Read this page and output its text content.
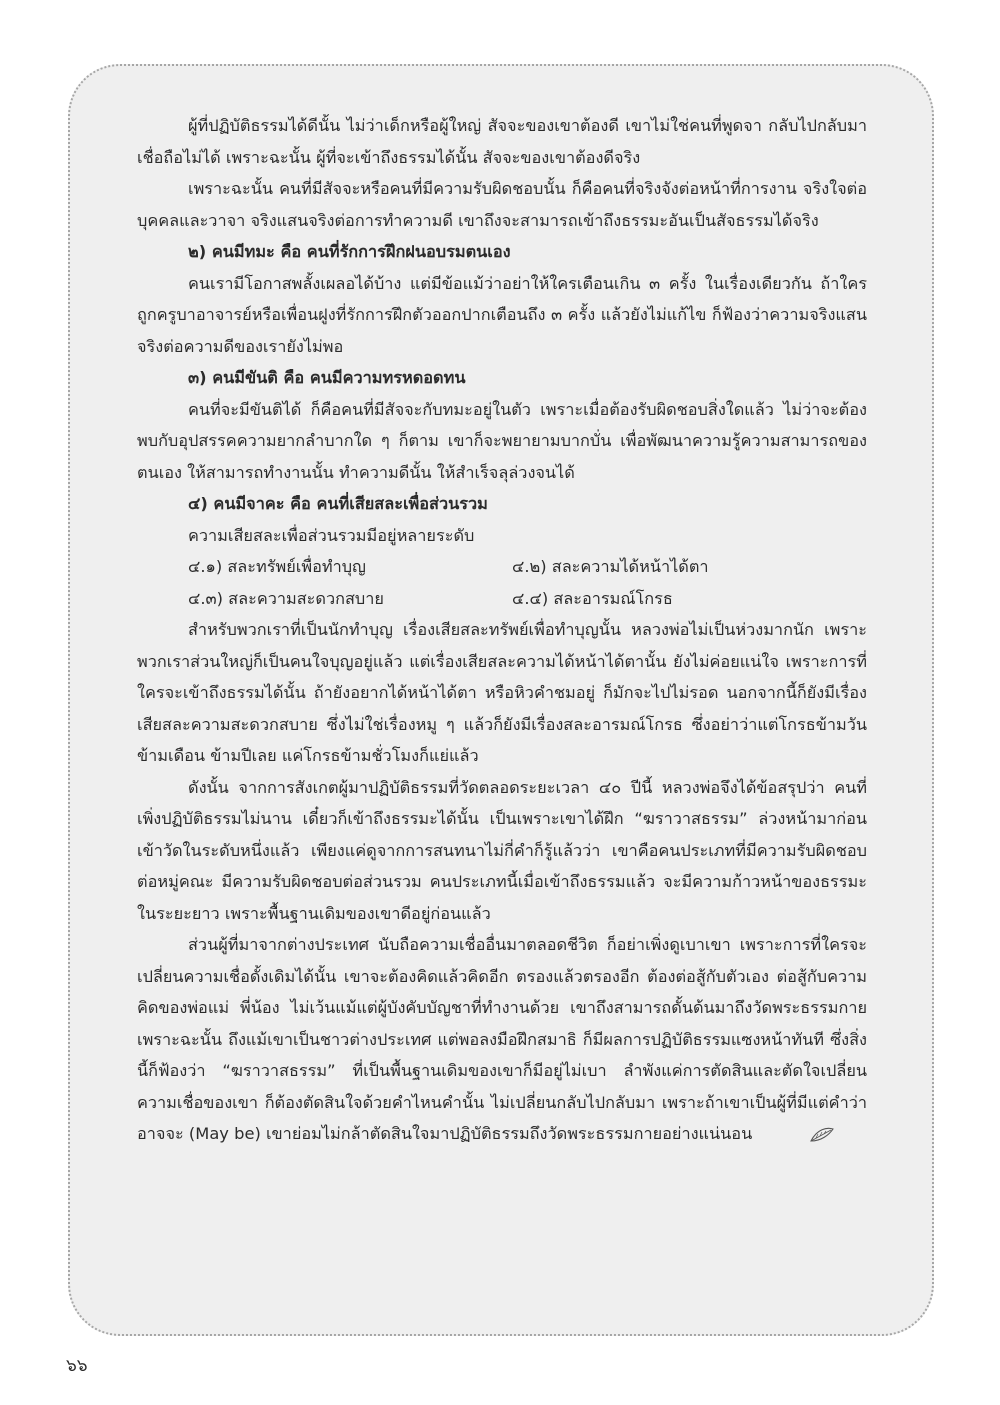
ผู้ที่ปฏิบัติธรรมได้ดีนั้น ไม่ว่าเด็กหรือผู้ใหญ่ สัจจะของเขาต้องดี เขาไม่ใช่คนที่พูดจา กลับไปกลับมาเชื่อถือไม่ได้ เพราะฉะนั้น ผู้ที่จะเข้าถึงธรรมได้นั้น สัจจะของเขาต้องดีจริง

เพราะฉะนั้น คนที่มีสัจจะหรือคนที่มีความรับผิดชอบนั้น ก็คือคนที่จริงจังต่อหน้าที่การงาน จริงใจต่อบุคคลและวาจา จริงแสนจริงต่อการทำความดี เขาถึงจะสามารถเข้าถึงธรรมะอันเป็นสัจธรรมได้จริง

๒) คนมีทมะ คือ คนที่รักการฝึกฝนอบรมตนเอง

คนเรามีโอกาสพลั้งเผลอได้บ้าง แต่มีข้อแม้ว่าอย่าให้ใครเตือนเกิน ๓ ครั้ง ในเรื่องเดียวกัน ถ้าใครถูกครูบาอาจารย์หรือเพื่อนฝูงที่รักการฝึกตัวออกปากเตือนถึง ๓ ครั้ง แล้วยังไม่แก้ไข ก็ฟ้องว่าความจริงแสนจริงต่อความดีของเรายังไม่พอ

๓) คนมีขันติ คือ คนมีความทรหดอดทน

คนที่จะมีขันติได้ ก็คือคนที่มีสัจจะกับทมะอยู่ในตัว เพราะเมื่อต้องรับผิดชอบสิ่งใดแล้ว ไม่ว่าจะต้องพบกับอุปสรรคความยากลำบากใด ๆ ก็ตาม เขาก็จะพยายามบากบั่น เพื่อพัฒนาความรู้ความสามารถของตนเอง ให้สามารถทำงานนั้น ทำความดีนั้น ให้สำเร็จลุล่วงจนได้

๔) คนมีจาคะ คือ คนที่เสียสละเพื่อส่วนรวม

ความเสียสละเพื่อส่วนรวมมีอยู่หลายระดับ

๔.๑) สละทรัพย์เพื่อทำบุญ	๔.๒) สละความได้หน้าได้ตา
๔.๓) สละความสะดวกสบาย	๔.๔) สละอารมณ์โกรธ

สำหรับพวกเราที่เป็นนักทำบุญ เรื่องเสียสละทรัพย์เพื่อทำบุญนั้น หลวงพ่อไม่เป็นห่วงมากนัก เพราะพวกเราส่วนใหญ่ก็เป็นคนใจบุญอยู่แล้ว แต่เรื่องเสียสละความได้หน้าได้ตานั้น ยังไม่ค่อยแน่ใจ เพราะการที่ใครจะเข้าถึงธรรมได้นั้น ถ้ายังอยากได้หน้าได้ตา หรือหิวคำชมอยู่ ก็มักจะไปไม่รอด นอกจากนี้ก็ยังมีเรื่องเสียสละความสะดวกสบาย ซึ่งไม่ใช่เรื่องหมู ๆ แล้วก็ยังมีเรื่องสละอารมณ์โกรธ ซึ่งอย่าว่าแต่โกรธข้ามวัน ข้ามเดือน ข้ามปีเลย แค่โกรธข้ามชั่วโมงก็แย่แล้ว

ดังนั้น จากการสังเกตผู้มาปฏิบัติธรรมที่วัดตลอดระยะเวลา ๔๐ ปีนี้ หลวงพ่อจึงได้ข้อสรุปว่า คนที่เพิ่งปฏิบัติธรรมไม่นาน เดี๋ยวก็เข้าถึงธรรมะได้นั้น เป็นเพราะเขาได้ฝึก “ฆราวาสธรรม” ล่วงหน้ามาก่อนเข้าวัดในระดับหนึ่งแล้ว เพียงแค่ดูจากการสนทนาไม่กี่คำก็รู้แล้วว่า เขาคือคนประเภทที่มีความรับผิดชอบต่อหมู่คณะ มีความรับผิดชอบต่อส่วนรวม คนประเภทนี้เมื่อเข้าถึงธรรมแล้ว จะมีความก้าวหน้าของธรรมะในระยะยาว เพราะพื้นฐานเดิมของเขาดีอยู่ก่อนแล้ว

ส่วนผู้ที่มาจากต่างประเทศ นับถือความเชื่ออื่นมาตลอดชีวิต ก็อย่าเพิ่งดูเบาเขา เพราะการที่ใครจะเปลี่ยนความเชื่อดั้งเดิมได้นั้น เขาจะต้องคิดแล้วคิดอีก ตรองแล้วตรองอีก ต้องต่อสู้กับตัวเอง ต่อสู้กับความคิดของพ่อแม่ พี่น้อง ไม่เว้นแม้แต่ผู้บังคับบัญชาที่ทำงานด้วย เขาถึงสามารถดั้นด้นมาถึงวัดพระธรรมกาย เพราะฉะนั้น ถึงแม้เขาเป็นชาวต่างประเทศ แต่พอลงมือฝึกสมาธิ ก็มีผลการปฏิบัติธรรมแซงหน้าทันที ซึ่งสิ่งนี้ก็ฟ้องว่า “ฆราวาสธรรม” ที่เป็นพื้นฐานเดิมของเขาก็มีอยู่ไม่เบา ลำพังแค่การตัดสินและตัดใจเปลี่ยนความเชื่อของเขา ก็ต้องตัดสินใจด้วยคำไหนคำนั้น ไม่เปลี่ยนกลับไปกลับมา เพราะถ้าเขาเป็นผู้ที่มีแต่คำว่า อาจจะ (May be) เขาย่อมไม่กล้าตัดสินใจมาปฏิบัติธรรมถึงวัดพระธรรมกายอย่างแน่นอน

๖๖
